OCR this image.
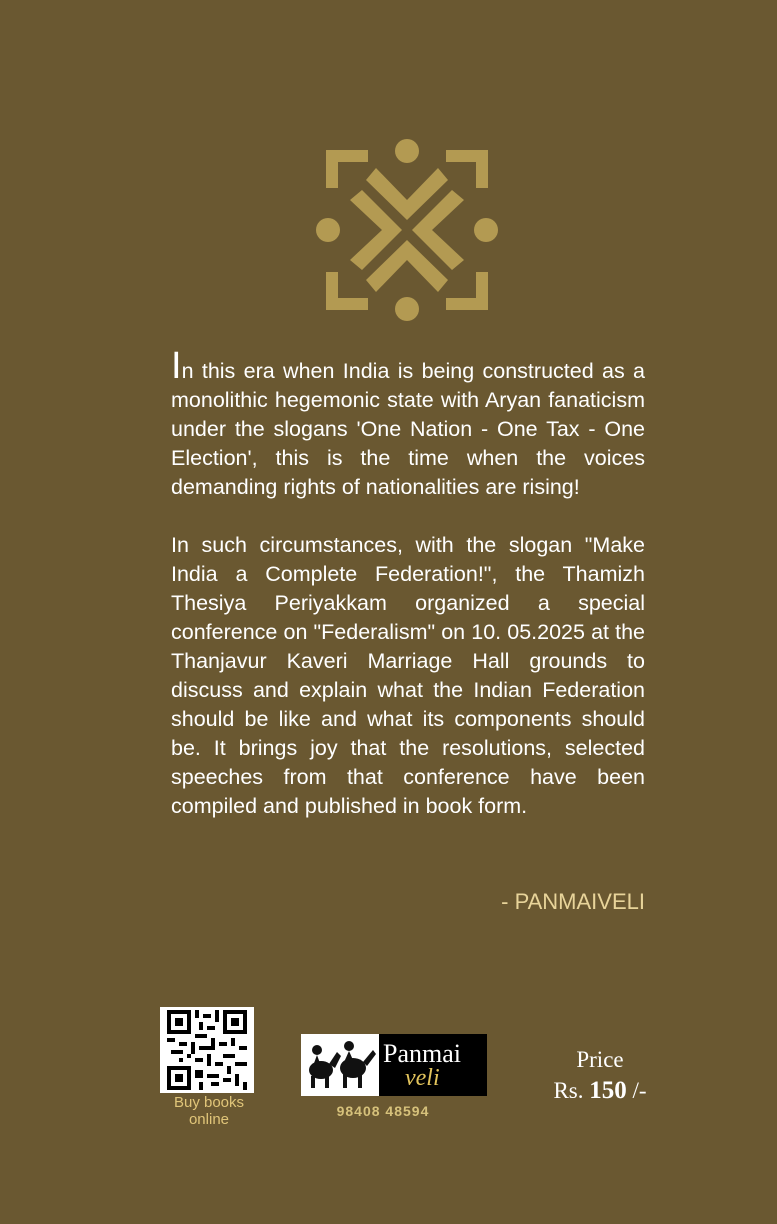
In this era when India is being constructed as a monolithic hegemonic state with Aryan fanaticism under the slogans 'One Nation - One Tax - One Election', this is the time when the voices demanding rights of nationalities are rising!

In such circumstances, with the slogan "Make India a Complete Federation!", the Thamizh Thesiya Periyakkam organized a special conference on "Federalism" on 10. 05.2025 at the Thanjavur Kaveri Marriage Hall grounds to discuss and explain what the Indian Federation should be like and what its components should be. It brings joy that the resolutions, selected speeches from that conference have been compiled and published in book form.

- PANMAIVELI
Buy books
online
Panmai
veli
98408 48594
Price
Rs. 150 /-
